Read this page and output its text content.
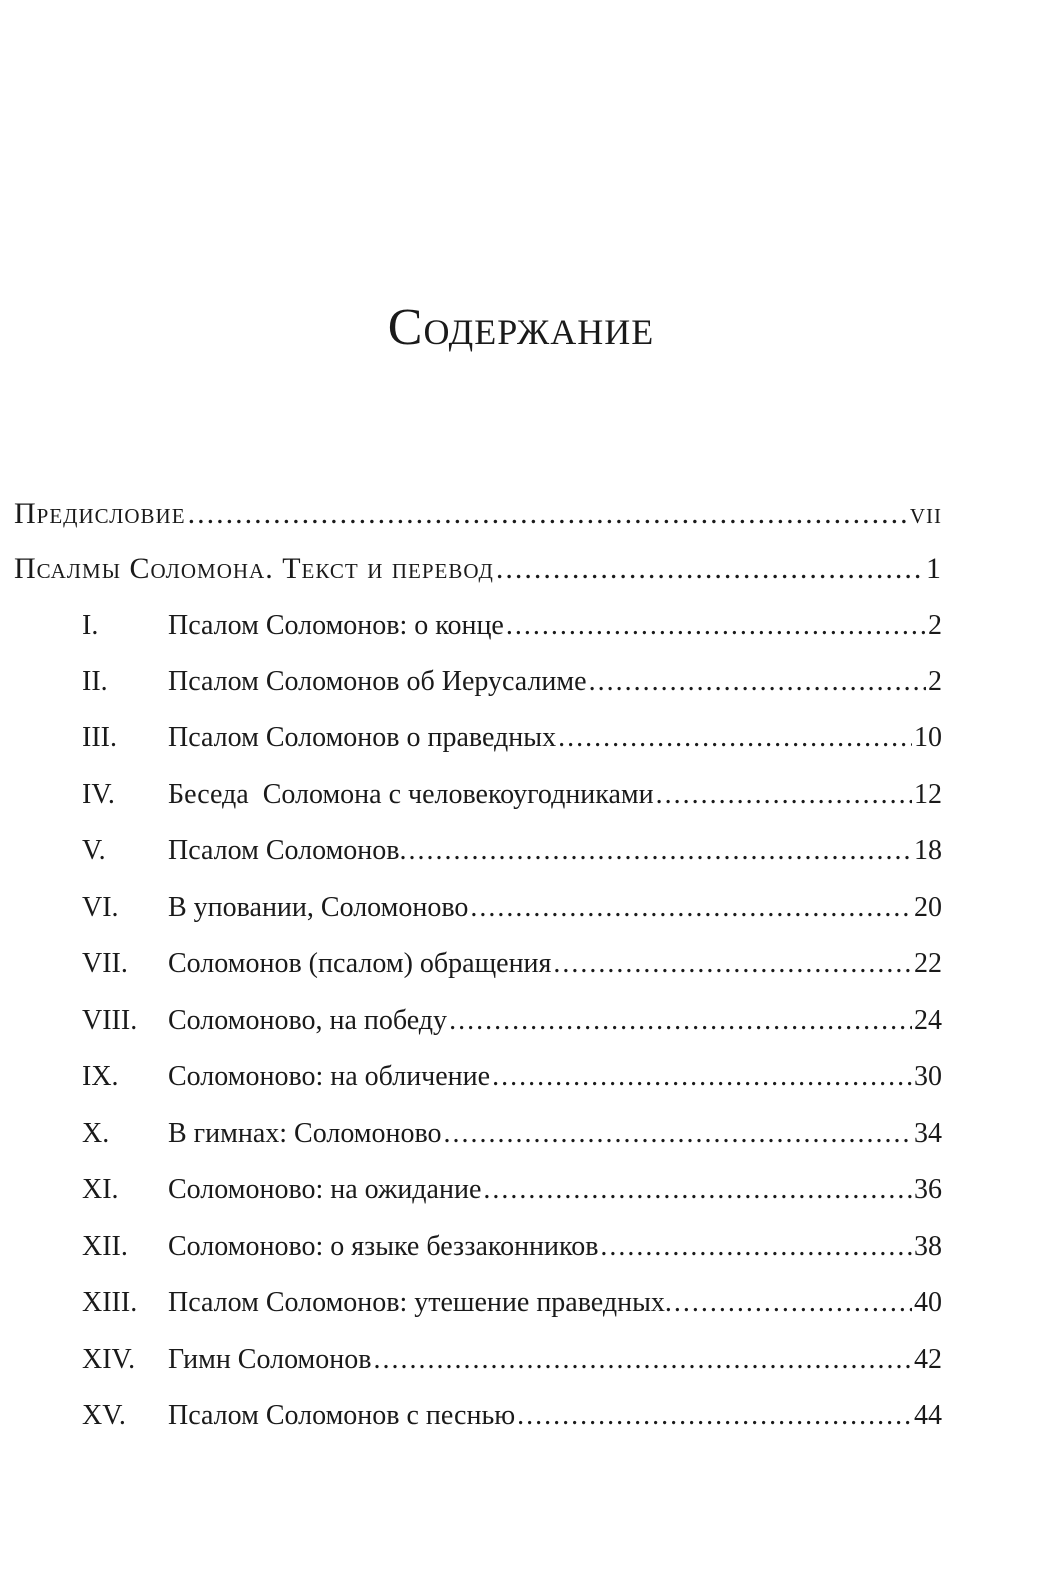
Содержание
Предисловие .....	vii
Псалмы Соломона. Текст и перевод .....	1
I.	Псалом Соломонов: о конце .....	2
II.	Псалом Соломонов об Иерусалиме .....	2
III.	Псалом Соломонов о праведных .....	10
IV.	Беседа  Соломона с человекоугодниками .....	12
V.	Псалом Соломонов. .....	18
VI.	В уповании, Соломоново .....	20
VII.	Соломонов (псалом) обращения .....	22
VIII.	Соломоново, на победу .....	24
IX.	Соломоново: на обличение .....	30
X.	В гимнах: Соломоново .....	34
XI.	Соломоново: на ожидание .....	36
XII.	Соломоново: о языке беззаконников .....	38
XIII.	Псалом Соломонов: утешение праведных. .....	40
XIV.	Гимн Соломонов .....	42
XV.	Псалом Соломонов с песнью .....	44
